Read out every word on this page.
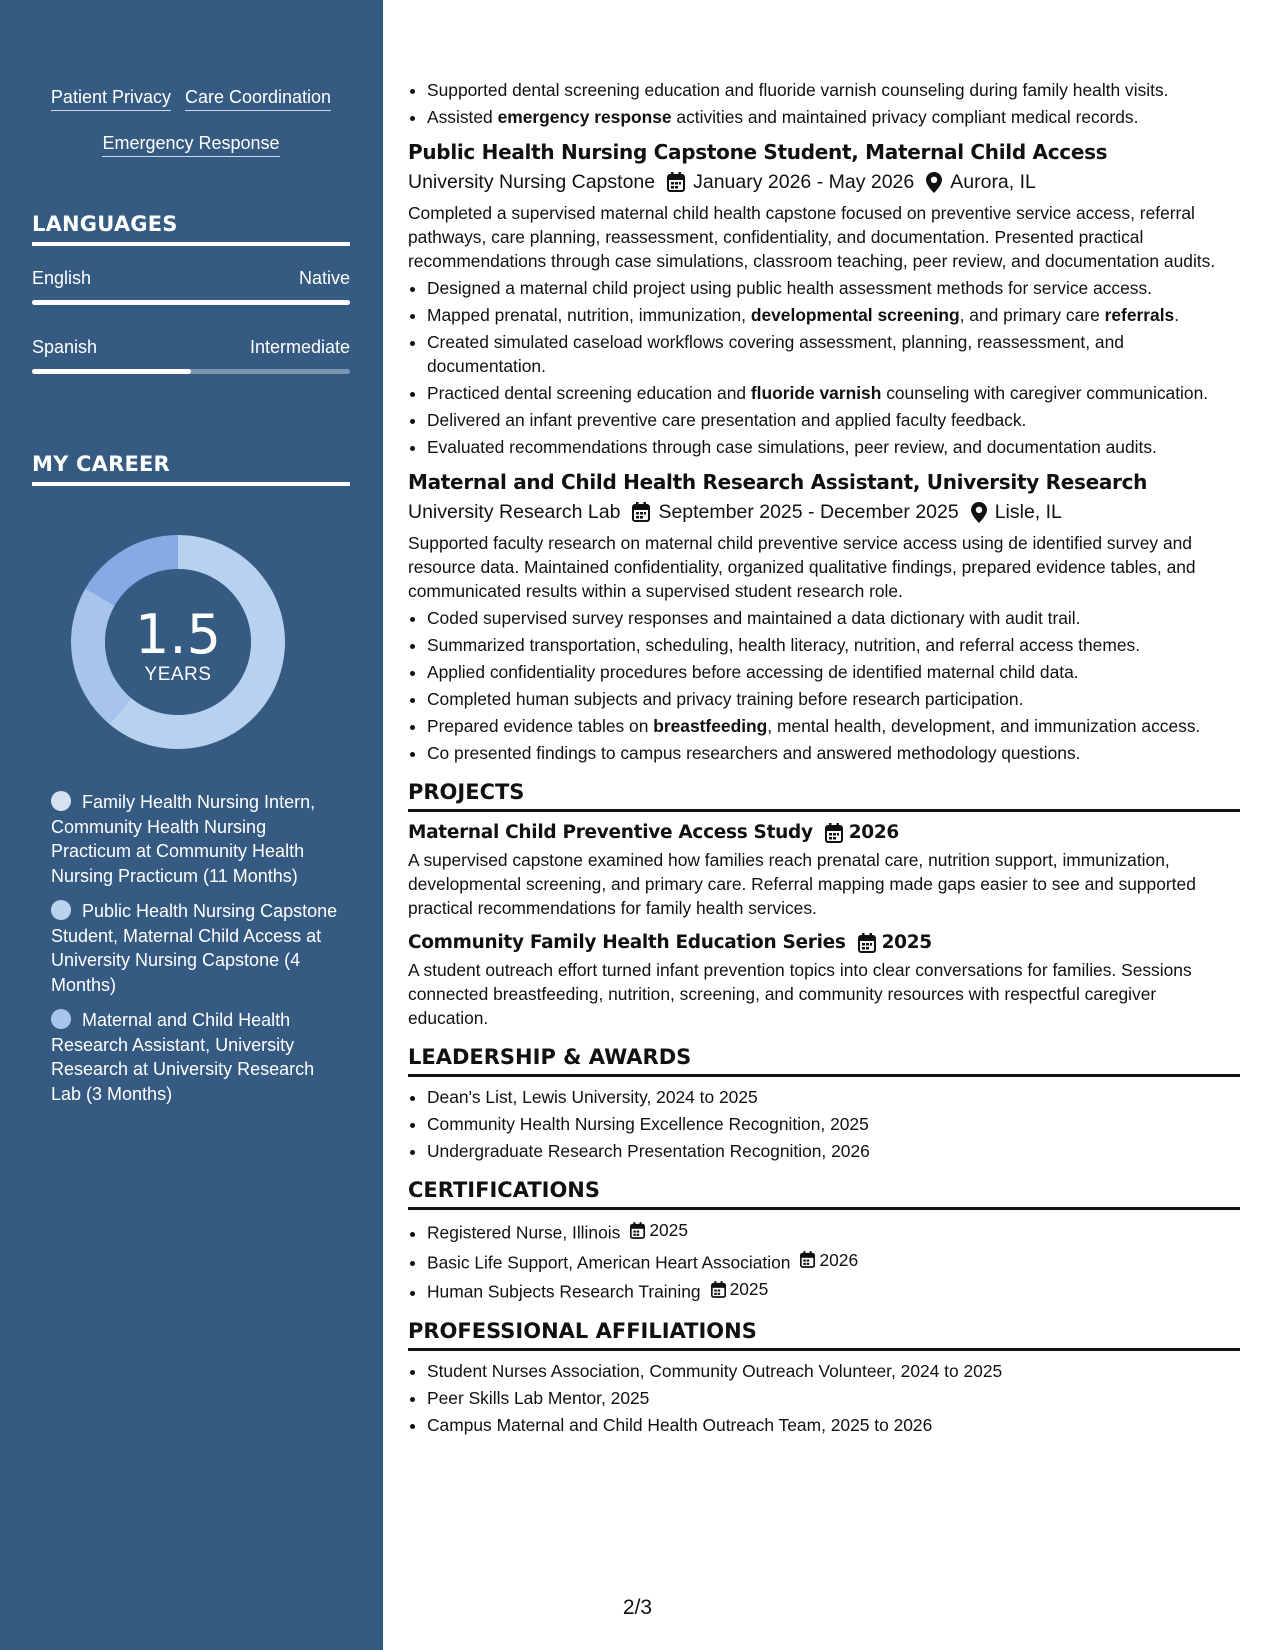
Patient Privacy Care Coordination
Emergency Response
LANGUAGES
English	Native
Spanish	Intermediate
MY CAREER
1.5
YEARS
Family Health Nursing Intern, Community Health Nursing Practicum at Community Health Nursing Practicum (11 Months)
Public Health Nursing Capstone Student, Maternal Child Access at University Nursing Capstone (4 Months)
Maternal and Child Health Research Assistant, University Research at University Research Lab (3 Months)
• Supported dental screening education and fluoride varnish counseling during family health visits.
• Assisted emergency response activities and maintained privacy compliant medical records.
Public Health Nursing Capstone Student, Maternal Child Access
University Nursing Capstone January 2026 - May 2026 Aurora, IL
Completed a supervised maternal child health capstone focused on preventive service access, referral pathways, care planning, reassessment, confidentiality, and documentation. Presented practical recommendations through case simulations, classroom teaching, peer review, and documentation audits.
• Designed a maternal child project using public health assessment methods for service access.
• Mapped prenatal, nutrition, immunization, developmental screening, and primary care referrals.
• Created simulated caseload workflows covering assessment, planning, reassessment, and documentation.
• Practiced dental screening education and fluoride varnish counseling with caregiver communication.
• Delivered an infant preventive care presentation and applied faculty feedback.
• Evaluated recommendations through case simulations, peer review, and documentation audits.
Maternal and Child Health Research Assistant, University Research
University Research Lab September 2025 - December 2025 Lisle, IL
Supported faculty research on maternal child preventive service access using de identified survey and resource data. Maintained confidentiality, organized qualitative findings, prepared evidence tables, and communicated results within a supervised student research role.
• Coded supervised survey responses and maintained a data dictionary with audit trail.
• Summarized transportation, scheduling, health literacy, nutrition, and referral access themes.
• Applied confidentiality procedures before accessing de identified maternal child data.
• Completed human subjects and privacy training before research participation.
• Prepared evidence tables on breastfeeding, mental health, development, and immunization access.
• Co presented findings to campus researchers and answered methodology questions.
PROJECTS
Maternal Child Preventive Access Study 2026
A supervised capstone examined how families reach prenatal care, nutrition support, immunization, developmental screening, and primary care. Referral mapping made gaps easier to see and supported practical recommendations for family health services.
Community Family Health Education Series 2025
A student outreach effort turned infant prevention topics into clear conversations for families. Sessions connected breastfeeding, nutrition, screening, and community resources with respectful caregiver education.
LEADERSHIP & AWARDS
• Dean's List, Lewis University, 2024 to 2025
• Community Health Nursing Excellence Recognition, 2025
• Undergraduate Research Presentation Recognition, 2026
CERTIFICATIONS
• Registered Nurse, Illinois 2025
• Basic Life Support, American Heart Association 2026
• Human Subjects Research Training 2025
PROFESSIONAL AFFILIATIONS
• Student Nurses Association, Community Outreach Volunteer, 2024 to 2025
• Peer Skills Lab Mentor, 2025
• Campus Maternal and Child Health Outreach Team, 2025 to 2026
2/3
